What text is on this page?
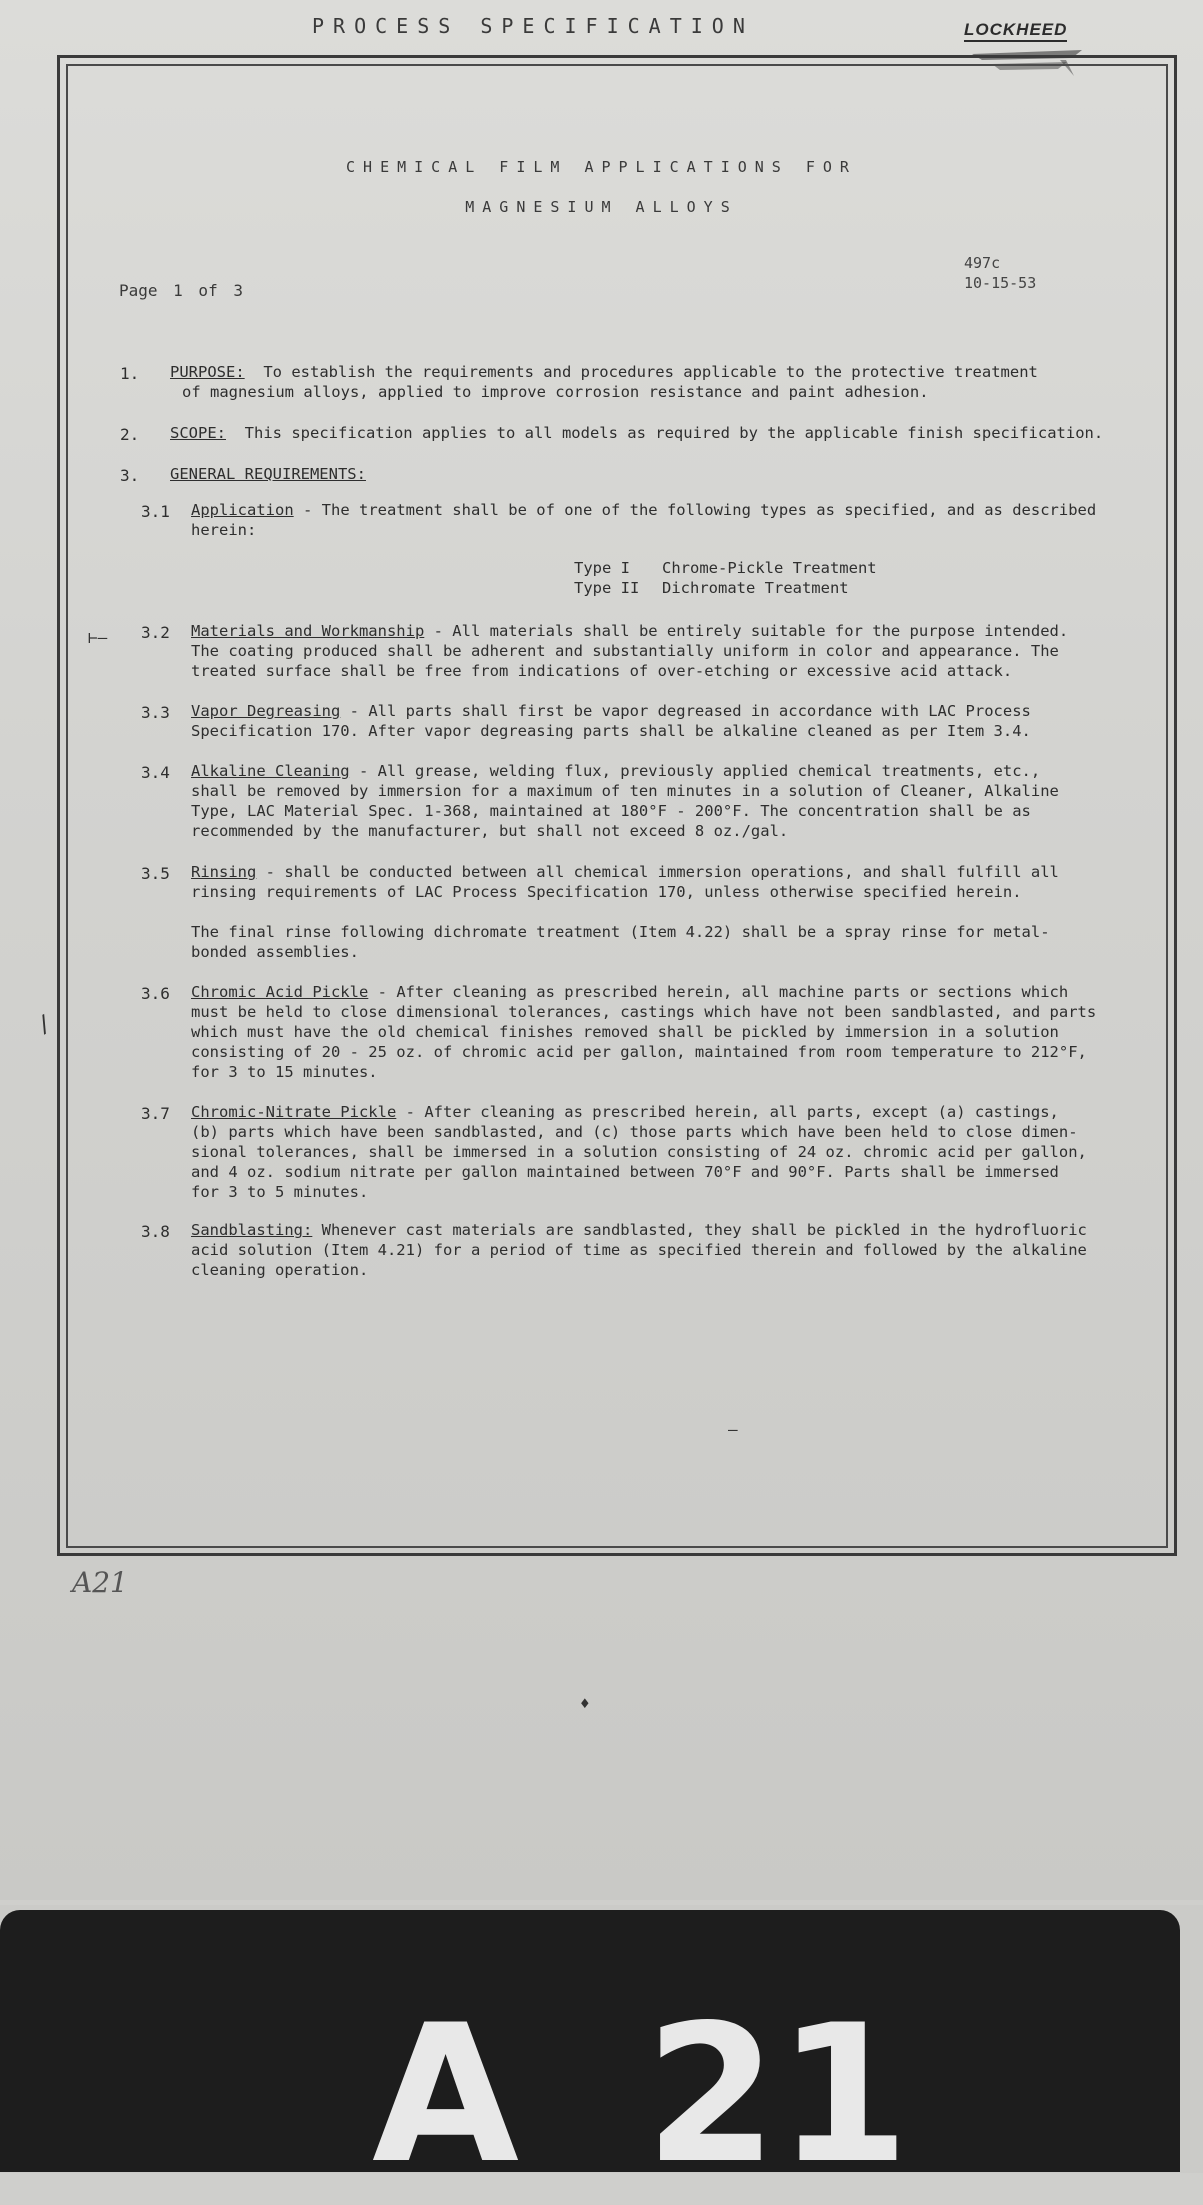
PROCESS SPECIFICATION	LOCKHEED
CHEMICAL FILM APPLICATIONS FOR
MAGNESIUM ALLOYS
497c
10-15-53
Page 1 of 3
1. PURPOSE: To establish the requirements and procedures applicable to the protective treatment
of magnesium alloys, applied to improve corrosion resistance and paint adhesion.
2. SCOPE: This specification applies to all models as required by the applicable finish specification.
3. GENERAL REQUIREMENTS:
3.1 Application - The treatment shall be of one of the following types as specified, and as described
herein:
Type I Chrome-Pickle Treatment
Type II Dichromate Treatment
⊢– 3.2 Materials and Workmanship - All materials shall be entirely suitable for the purpose intended.
The coating produced shall be adherent and substantially uniform in color and appearance. The
treated surface shall be free from indications of over-etching or excessive acid attack.
3.3 Vapor Degreasing - All parts shall first be vapor degreased in accordance with LAC Process
Specification 170. After vapor degreasing parts shall be alkaline cleaned as per Item 3.4.
3.4 Alkaline Cleaning - All grease, welding flux, previously applied chemical treatments, etc.,
shall be removed by immersion for a maximum of ten minutes in a solution of Cleaner, Alkaline
Type, LAC Material Spec. 1-368, maintained at 180°F - 200°F. The concentration shall be as
recommended by the manufacturer, but shall not exceed 8 oz./gal.
3.5 Rinsing - shall be conducted between all chemical immersion operations, and shall fulfill all
rinsing requirements of LAC Process Specification 170, unless otherwise specified herein.
The final rinse following dichromate treatment (Item 4.22) shall be a spray rinse for metal-
bonded assemblies.
/
3.6 Chromic Acid Pickle - After cleaning as prescribed herein, all machine parts or sections which
must be held to close dimensional tolerances, castings which have not been sandblasted, and parts
which must have the old chemical finishes removed shall be pickled by immersion in a solution
consisting of 20 - 25 oz. of chromic acid per gallon, maintained from room temperature to 212°F,
for 3 to 15 minutes.
3.7 Chromic-Nitrate Pickle - After cleaning as prescribed herein, all parts, except (a) castings,
(b) parts which have been sandblasted, and (c) those parts which have been held to close dimen-
sional tolerances, shall be immersed in a solution consisting of 24 oz. chromic acid per gallon,
and 4 oz. sodium nitrate per gallon maintained between 70°F and 90°F. Parts shall be immersed
for 3 to 5 minutes.
3.8 Sandblasting: Whenever cast materials are sandblasted, they shall be pickled in the hydrofluoric
acid solution (Item 4.21) for a period of time as specified therein and followed by the alkaline
cleaning operation.
–
A21
♦
A 21
